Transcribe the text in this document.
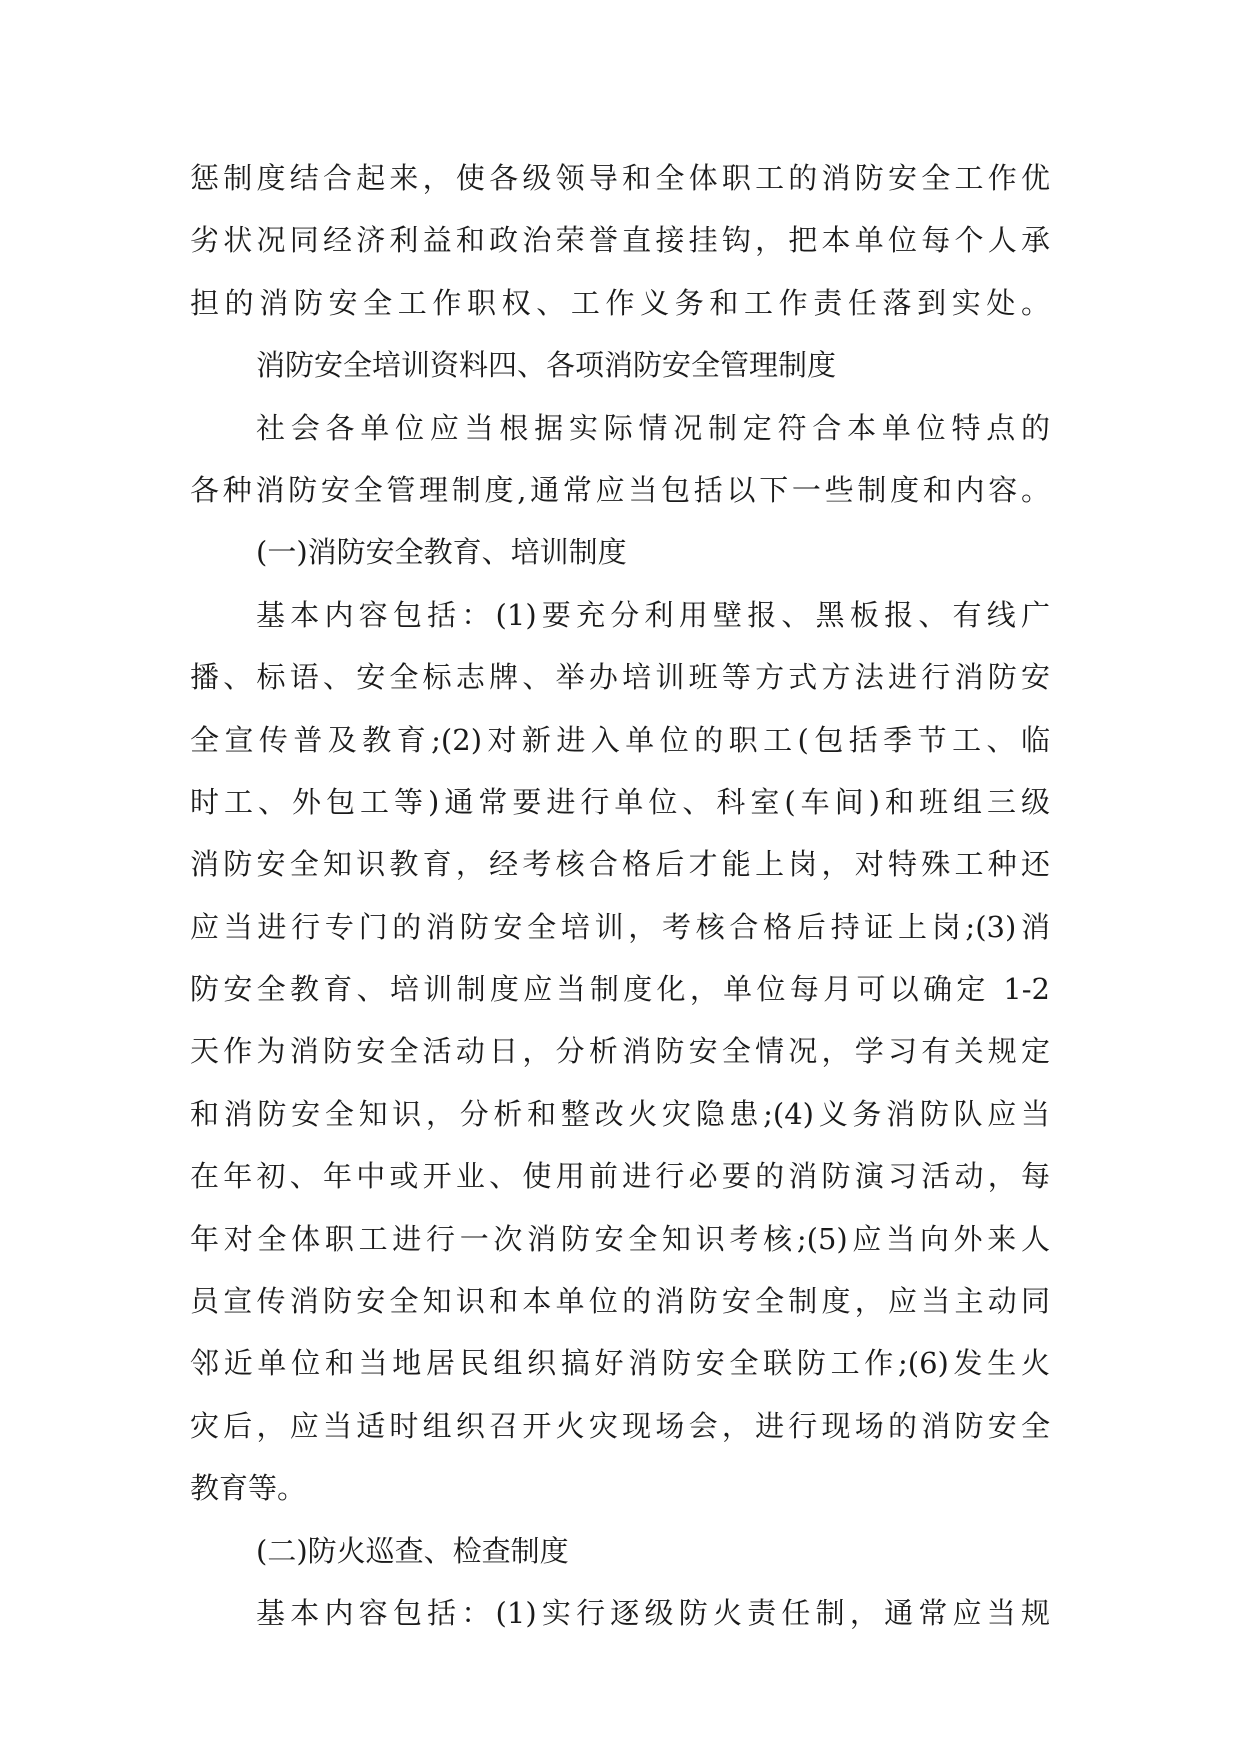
惩制度结合起来，使各级领导和全体职工的消防安全工作优
劣状况同经济利益和政治荣誉直接挂钩，把本单位每个人承
担的消防安全工作职权、工作义务和工作责任落到实处。
消防安全培训资料四、各项消防安全管理制度
社会各单位应当根据实际情况制定符合本单位特点的
各种消防安全管理制度,通常应当包括以下一些制度和内容。
(一)消防安全教育、培训制度
基本内容包括：(1)要充分利用壁报、黑板报、有线广
播、标语、安全标志牌、举办培训班等方式方法进行消防安
全宣传普及教育;(2)对新进入单位的职工(包括季节工、临
时工、外包工等)通常要进行单位、科室(车间)和班组三级
消防安全知识教育，经考核合格后才能上岗，对特殊工种还
应当进行专门的消防安全培训，考核合格后持证上岗;(3)消
防安全教育、培训制度应当制度化，单位每月可以确定 1-2
天作为消防安全活动日，分析消防安全情况，学习有关规定
和消防安全知识，分析和整改火灾隐患;(4)义务消防队应当
在年初、年中或开业、使用前进行必要的消防演习活动，每
年对全体职工进行一次消防安全知识考核;(5)应当向外来人
员宣传消防安全知识和本单位的消防安全制度，应当主动同
邻近单位和当地居民组织搞好消防安全联防工作;(6)发生火
灾后，应当适时组织召开火灾现场会，进行现场的消防安全
教育等。
(二)防火巡查、检查制度
基本内容包括：(1)实行逐级防火责任制，通常应当规
